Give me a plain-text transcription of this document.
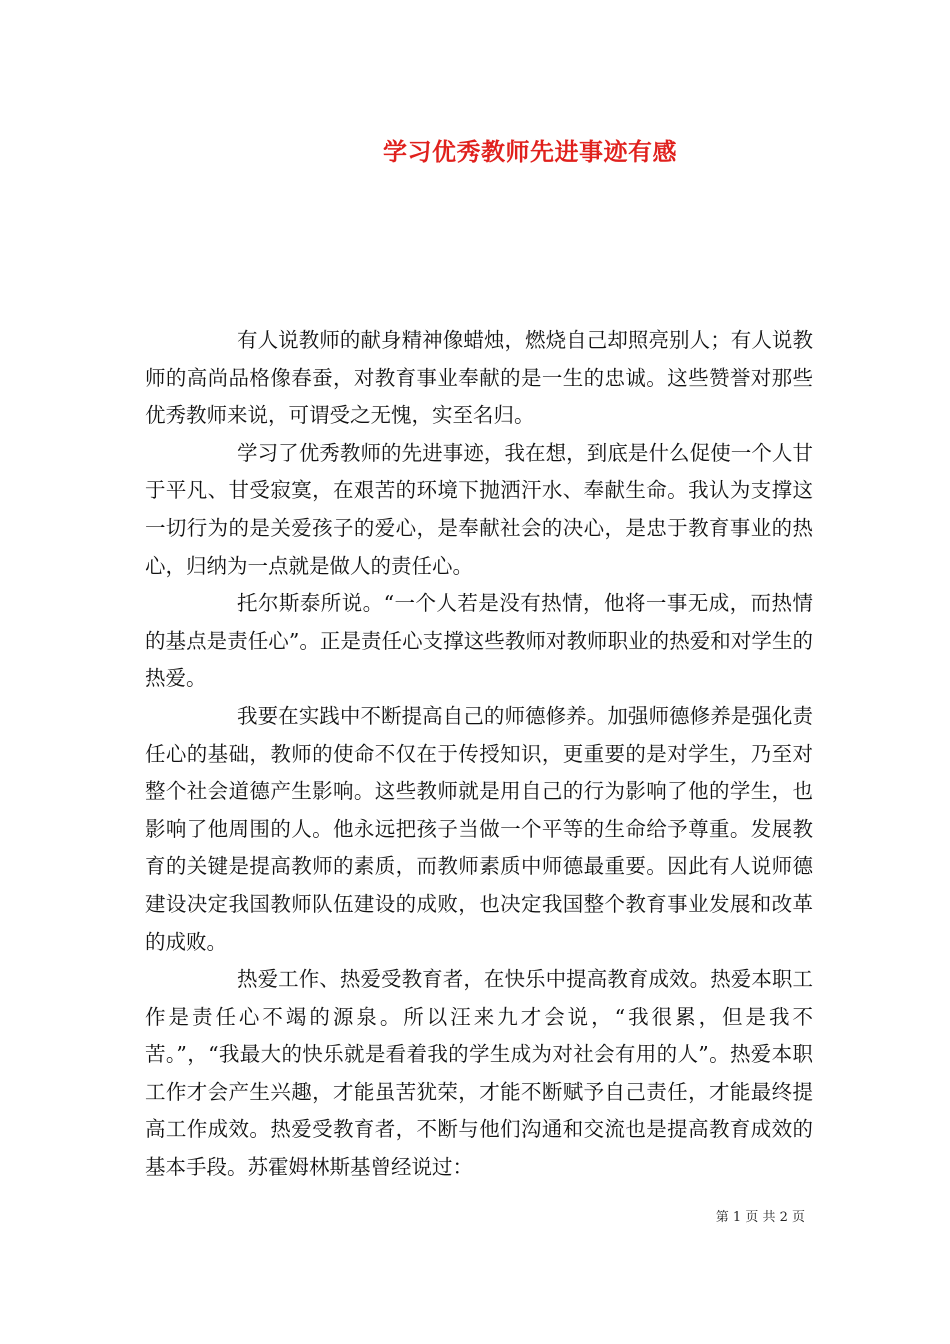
学习优秀教师先进事迹有感

有人说教师的献身精神像蜡烛，燃烧自己却照亮别人；有人说教师的高尚品格像春蚕，对教育事业奉献的是一生的忠诚。这些赞誉对那些优秀教师来说，可谓受之无愧，实至名归。

学习了优秀教师的先进事迹，我在想，到底是什么促使一个人甘于平凡、甘受寂寞，在艰苦的环境下抛洒汗水、奉献生命。我认为支撑这一切行为的是关爱孩子的爱心，是奉献社会的决心，是忠于教育事业的热心，归纳为一点就是做人的责任心。

托尔斯泰所说。“一个人若是没有热情，他将一事无成，而热情的基点是责任心”。正是责任心支撑这些教师对教师职业的热爱和对学生的热爱。

我要在实践中不断提高自己的师德修养。加强师德修养是强化责任心的基础，教师的使命不仅在于传授知识，更重要的是对学生，乃至对整个社会道德产生影响。这些教师就是用自己的行为影响了他的学生，也影响了他周围的人。他永远把孩子当做一个平等的生命给予尊重。发展教育的关键是提高教师的素质，而教师素质中师德最重要。因此有人说师德建设决定我国教师队伍建设的成败，也决定我国整个教育事业发展和改革的成败。

热爱工作、热爱受教育者，在快乐中提高教育成效。热爱本职工作是责任心不竭的源泉。所以汪来九才会说，“我很累，但是我不苦。”，“我最大的快乐就是看着我的学生成为对社会有用的人”。热爱本职工作才会产生兴趣，才能虽苦犹荣，才能不断赋予自己责任，才能最终提高工作成效。热爱受教育者，不断与他们沟通和交流也是提高教育成效的基本手段。苏霍姆林斯基曾经说过：

第 1 页 共 2 页
